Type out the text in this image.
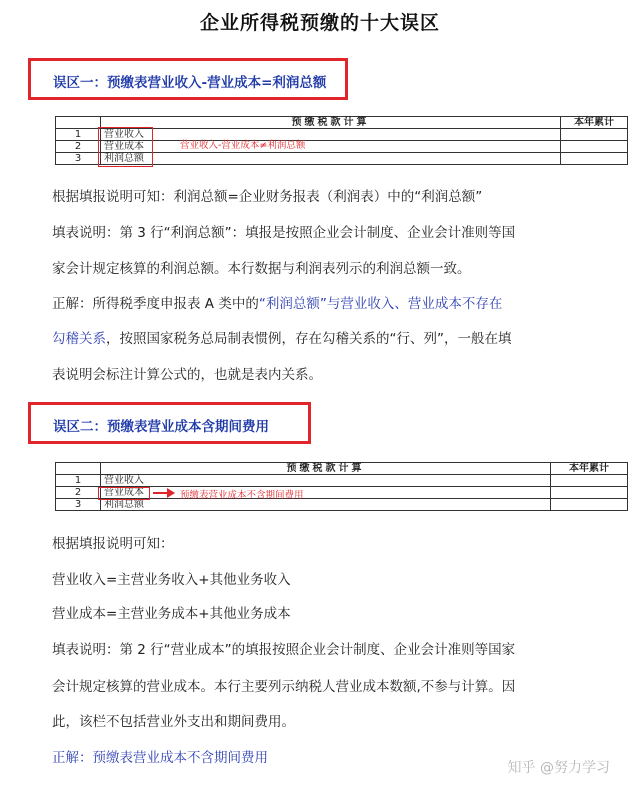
企业所得税预缴的十大误区
误区一：预缴表营业收入-营业成本=利润总额
	预缴税款计算	本年累计
1	营业收入	
2	营业成本	
3	利润总额	
营业收入-营业成本≠利润总额
根据填报说明可知：利润总额=企业财务报表（利润表）中的“利润总额”
填表说明：第 3 行“利润总额”：填报是按照企业会计制度、企业会计准则等国
家会计规定核算的利润总额。本行数据与利润表列示的利润总额一致。
正解：所得税季度申报表 A 类中的“利润总额”与营业收入、营业成本不存在
勾稽关系，按照国家税务总局制表惯例，存在勾稽关系的“行、列”，一般在填
表说明会标注计算公式的，也就是表内关系。
误区二：预缴表营业成本含期间费用
	预缴税款计算	本年累计
1	营业收入	
2	营业成本	
3	利润总额	
预缴表营业成本不含期间费用
根据填报说明可知：
营业收入=主营业务收入+其他业务收入
营业成本=主营业务成本+其他业务成本
填表说明：第 2 行“营业成本”的填报按照企业会计制度、企业会计准则等国家
会计规定核算的营业成本。本行主要列示纳税人营业成本数额,不参与计算。因
此，该栏不包括营业外支出和期间费用。
正解：预缴表营业成本不含期间费用
知乎 @努力学习
